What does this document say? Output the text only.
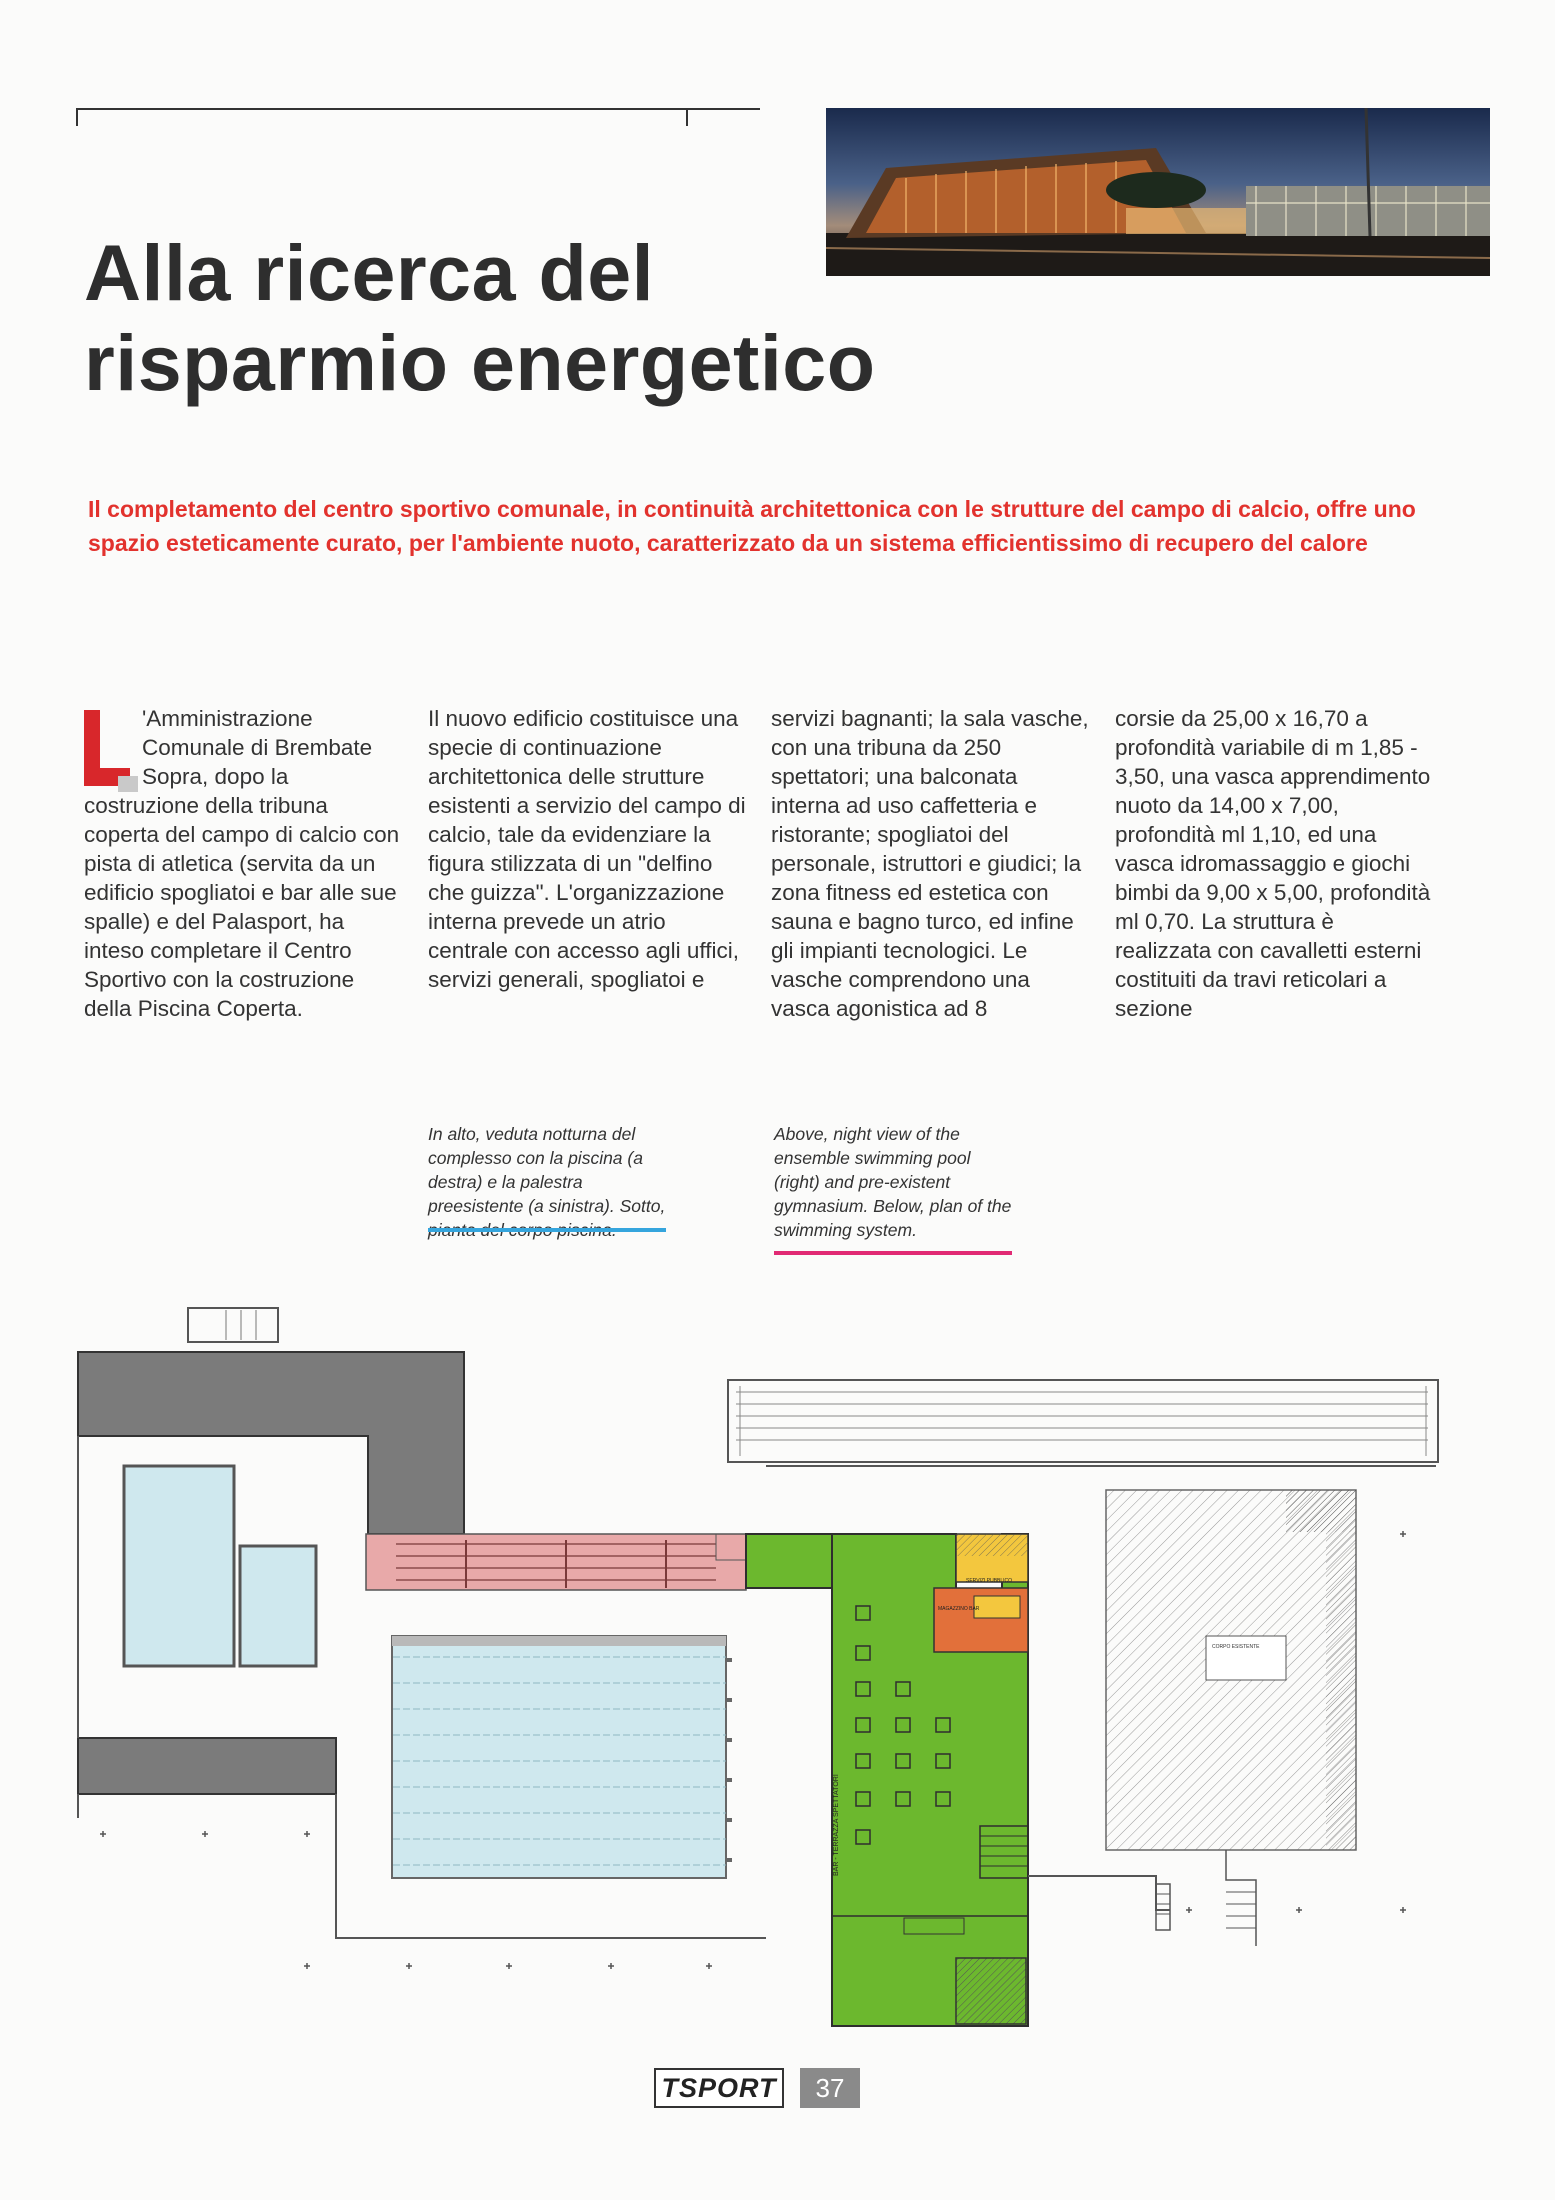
Alla ricerca del
risparmio energetico
Il completamento del centro sportivo comunale, in continuità architettonica con le strutture del campo di calcio, offre uno spazio esteticamente curato, per l'ambiente nuoto, caratterizzato da un sistema efficientissimo di recupero del calore
'Amministrazione Comunale di Brembate Sopra, dopo la costruzione della tribuna coperta del campo di calcio con pista di atletica (servita da un edificio spogliatoi e bar alle sue spalle) e del Palasport, ha inteso completare il Centro Sportivo con la costruzione della Piscina Coperta.
Il nuovo edificio costituisce una specie di continuazione architettonica delle strutture esistenti a servizio del campo di calcio, tale da evidenziare la figura stilizzata di un "delfino che guizza". L'organizzazione interna prevede un atrio centrale con accesso agli uffici, servizi generali, spogliatoi e
servizi bagnanti; la sala vasche, con una tribuna da 250 spettatori; una balconata interna ad uso caffetteria e ristorante; spogliatoi del personale, istruttori e giudici; la zona fitness ed estetica con sauna e bagno turco, ed infine gli impianti tecnologici. Le vasche comprendono una vasca agonistica ad 8
corsie da 25,00 x 16,70 a profondità variabile di m 1,85 - 3,50, una vasca apprendimento nuoto da 14,00 x 7,00, profondità ml 1,10, ed una vasca idromassaggio e giochi bimbi da 9,00 x 5,00, profondità ml 0,70. La struttura è realizzata con cavalletti esterni costituiti da travi reticolari a sezione
In alto, veduta notturna del complesso con la piscina (a destra) e la palestra preesistente (a sinistra). Sotto,
Above, night view of the ensemble swimming pool (right) and pre-existent gymnasium. Below, plan of the swimming system.
SERVIZI PUBBLICO
MAGAZZINO BAR
BAR - TERRAZZA SPETTATORI
CORPO ESISTENTE
TSPORT	37
